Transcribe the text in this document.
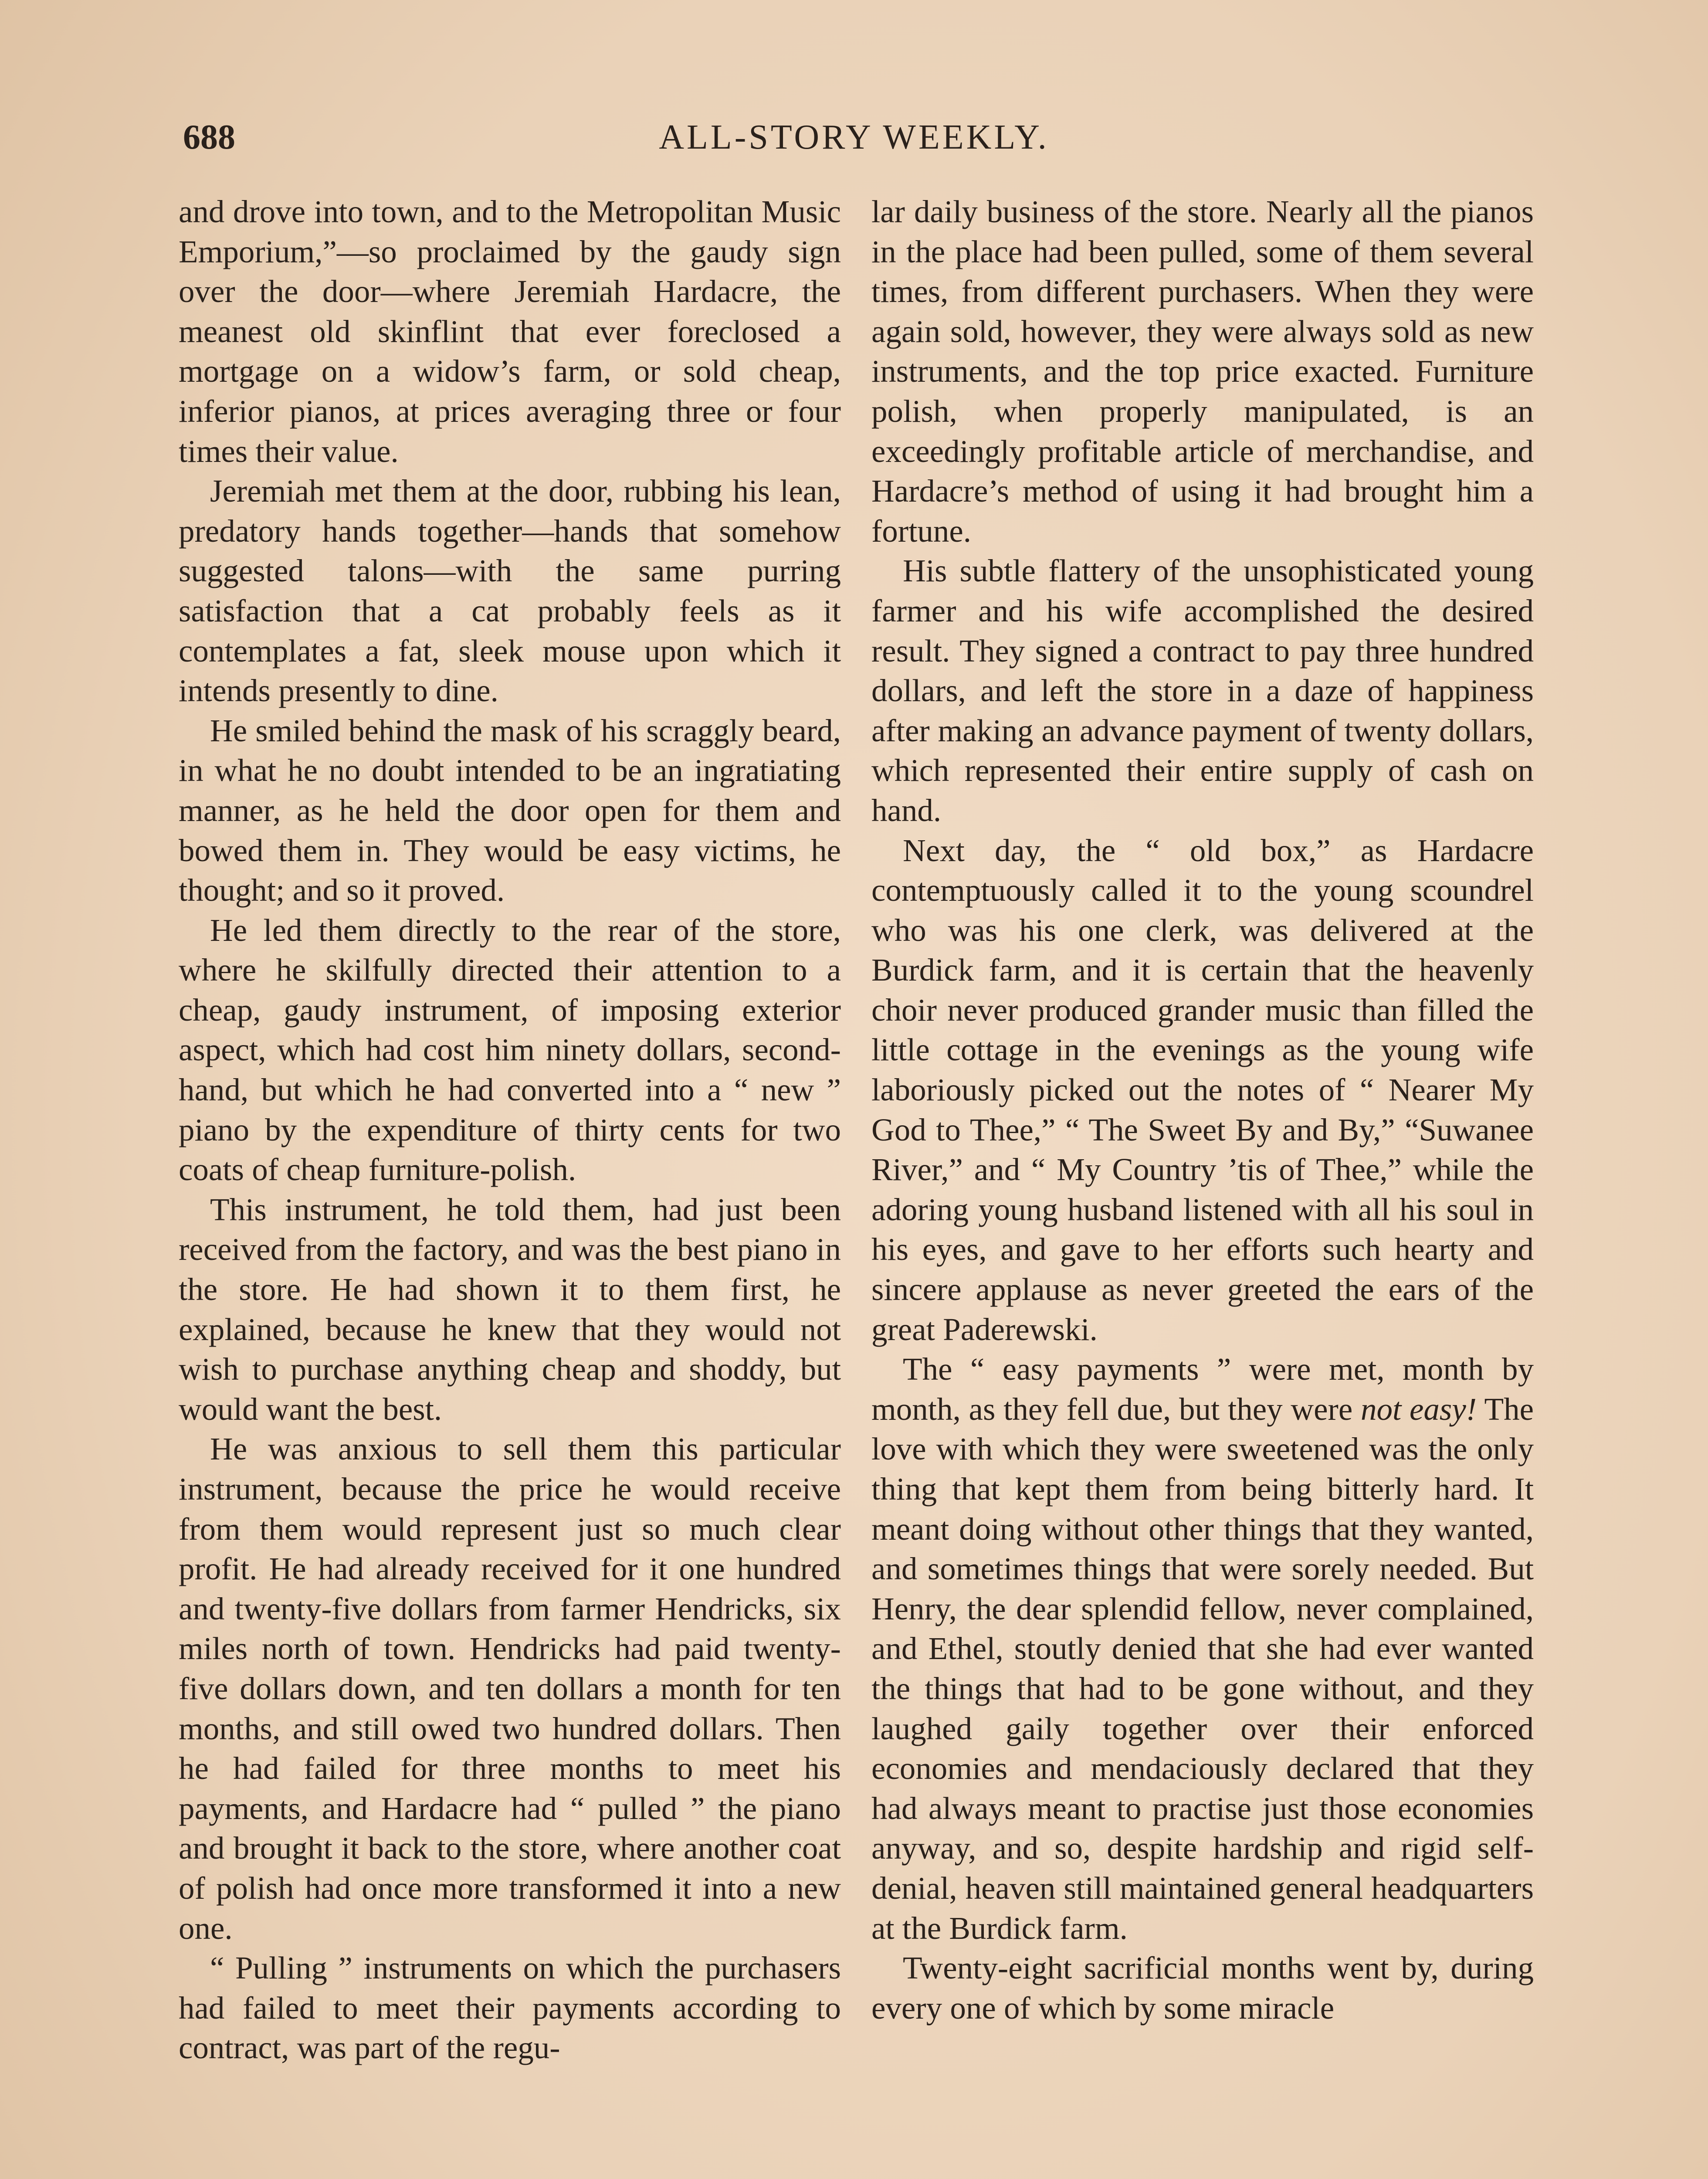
688	ALL-STORY WEEKLY.

and drove into town, and to the Metropolitan Music Emporium,”—so proclaimed by the gaudy sign over the door—where Jeremiah Hardacre, the meanest old skinflint that ever foreclosed a mortgage on a widow’s farm, or sold cheap, inferior pianos, at prices averaging three or four times their value.

Jeremiah met them at the door, rubbing his lean, predatory hands together—hands that somehow suggested talons—with the same purring satisfaction that a cat probably feels as it contemplates a fat, sleek mouse upon which it intends presently to dine.

He smiled behind the mask of his scraggly beard, in what he no doubt intended to be an ingratiating manner, as he held the door open for them and bowed them in. They would be easy victims, he thought; and so it proved.

He led them directly to the rear of the store, where he skilfully directed their attention to a cheap, gaudy instrument, of imposing exterior aspect, which had cost him ninety dollars, second-hand, but which he had converted into a “ new ” piano by the expenditure of thirty cents for two coats of cheap furniture-polish.

This instrument, he told them, had just been received from the factory, and was the best piano in the store. He had shown it to them first, he explained, because he knew that they would not wish to purchase anything cheap and shoddy, but would want the best.

He was anxious to sell them this particular instrument, because the price he would receive from them would represent just so much clear profit. He had already received for it one hundred and twenty-five dollars from farmer Hendricks, six miles north of town. Hendricks had paid twenty-five dollars down, and ten dollars a month for ten months, and still owed two hundred dollars. Then he had failed for three months to meet his payments, and Hardacre had “ pulled ” the piano and brought it back to the store, where another coat of polish had once more transformed it into a new one.

“ Pulling ” instruments on which the purchasers had failed to meet their payments according to contract, was part of the regu-

lar daily business of the store. Nearly all the pianos in the place had been pulled, some of them several times, from different purchasers. When they were again sold, however, they were always sold as new instruments, and the top price exacted. Furniture polish, when properly manipulated, is an exceedingly profitable article of merchandise, and Hardacre’s method of using it had brought him a fortune.

His subtle flattery of the unsophisticated young farmer and his wife accomplished the desired result. They signed a contract to pay three hundred dollars, and left the store in a daze of happiness after making an advance payment of twenty dollars, which represented their entire supply of cash on hand.

Next day, the “ old box,” as Hardacre contemptuously called it to the young scoundrel who was his one clerk, was delivered at the Burdick farm, and it is certain that the heavenly choir never produced grander music than filled the little cottage in the evenings as the young wife laboriously picked out the notes of “ Nearer My God to Thee,” “ The Sweet By and By,” “Suwanee River,” and “ My Country ’tis of Thee,” while the adoring young husband listened with all his soul in his eyes, and gave to her efforts such hearty and sincere applause as never greeted the ears of the great Paderewski.

The “ easy payments ” were met, month by month, as they fell due, but they were not easy! The love with which they were sweetened was the only thing that kept them from being bitterly hard. It meant doing without other things that they wanted, and sometimes things that were sorely needed. But Henry, the dear splendid fellow, never complained, and Ethel, stoutly denied that she had ever wanted the things that had to be gone without, and they laughed gaily together over their enforced economies and mendaciously declared that they had always meant to practise just those economies anyway, and so, despite hardship and rigid self-denial, heaven still maintained general headquarters at the Burdick farm.

Twenty-eight sacrificial months went by, during every one of which by some miracle
